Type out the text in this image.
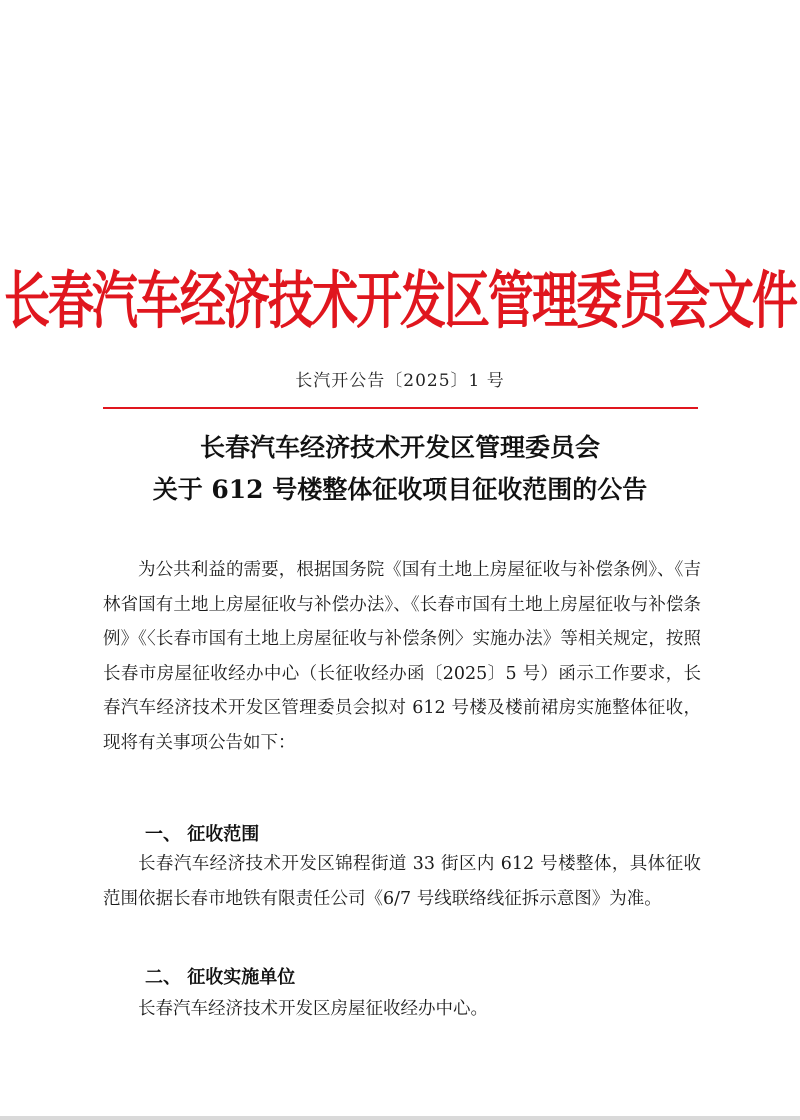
长春汽车经济技术开发区管理委员会文件
长汽开公告〔2025〕1 号
长春汽车经济技术开发区管理委员会
关于 612 号楼整体征收项目征收范围的公告
为公共利益的需要，根据国务院《国有土地上房屋征收与补偿条例》、《吉林省国有土地上房屋征收与补偿办法》、《长春市国有土地上房屋征收与补偿条例》《〈长春市国有土地上房屋征收与补偿条例〉实施办法》等相关规定，按照长春市房屋征收经办中心（长征收经办函〔2025〕5 号）函示工作要求，长春汽车经济技术开发区管理委员会拟对 612 号楼及楼前裙房实施整体征收，现将有关事项公告如下：
一、 征收范围
长春汽车经济技术开发区锦程街道 33 街区内 612 号楼整体，具体征收范围依据长春市地铁有限责任公司《6/7 号线联络线征拆示意图》为准。
二、 征收实施单位
长春汽车经济技术开发区房屋征收经办中心。
